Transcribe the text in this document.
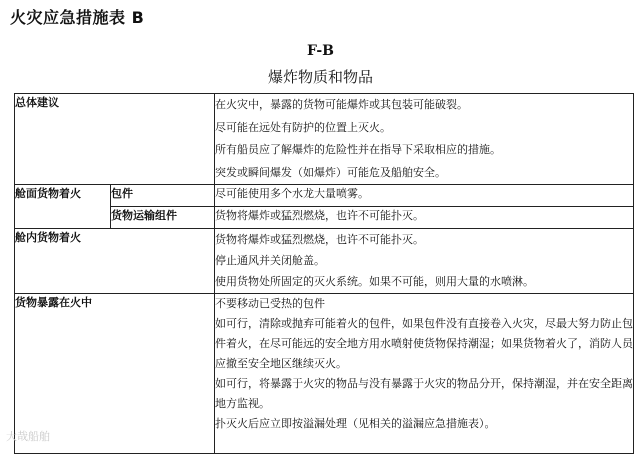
火灾应急措施表 B
F-B
爆炸物质和物品
总体建议		在火灾中，暴露的货物可能爆炸或其包装可能破裂。
尽可能在远处有防护的位置上灭火。
所有船员应了解爆炸的危险性并在指导下采取相应的措施。
突发或瞬间爆发（如爆炸）可能危及船舶安全。

舱面货物着火	包件	尽可能使用多个水龙大量喷雾。

	货物运输组件	货物将爆炸或猛烈燃烧，也许不可能扑灭。

舱内货物着火		货物将爆炸或猛烈燃烧，也许不可能扑灭。
停止通风并关闭舱盖。
使用货物处所固定的灭火系统。如果不可能，则用大量的水喷淋。

货物暴露在火中		不要移动已受热的包件
如可行，清除或抛弃可能着火的包件，如果包件没有直接卷入火灾，尽最大努力防止包件着火，在尽可能远的安全地方用水喷射使货物保持潮湿；如果货物着火了，消防人员应撤至安全地区继续灭火。
如可行，将暴露于火灾的物品与没有暴露于火灾的物品分开，保持潮湿，并在安全距离地方监视。
扑灭火后应立即按溢漏处理（见相关的溢漏应急措施表）。
大哉船舶
